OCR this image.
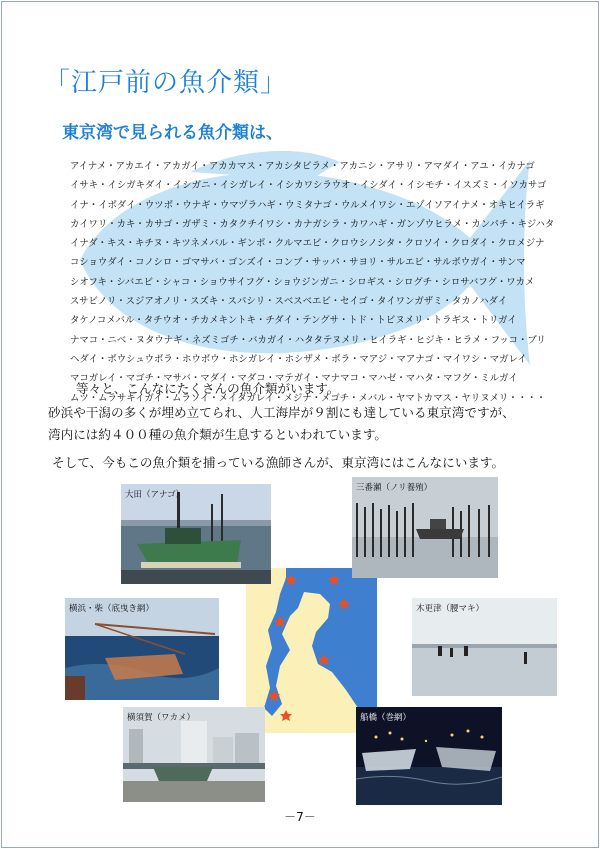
「江戸前の魚介類」
東京湾で見られる魚介類は、
アイナメ・アカエイ・アカガイ・アカカマス・アカシタビラメ・アカニシ・アサリ・アマダイ・アユ・イカナゴ
イサキ・イシガキダイ・イシガニ・イシガレイ・イシカワシラウオ・イシダイ・イシモチ・イスズミ・イソカサゴ
イナ・イボダイ・ウツボ・ウナギ・ウマヅラハギ・ウミタナゴ・ウルメイワシ・エゾイソアイナメ・オキヒイラギ
カイワリ・カキ・カサゴ・ガザミ・カタクチイワシ・カナガシラ・カワハギ・ガンゾウヒラメ・カンパチ・キジハタ
イナダ・キス・キチヌ・キツネメバル・ギンポ・クルマエビ・クロウシノシタ・クロソイ・クロダイ・クロメジナ
コショウダイ・コノシロ・ゴマサバ・ゴンズイ・コンブ・サッパ・サヨリ・サルエビ・サルボウガイ・サンマ
シオフキ・シバエビ・シャコ・ショウサイフグ・ショウジンガニ・シロギス・シログチ・シロサバフグ・ワカメ
スサビノリ・スジアオノリ・スズキ・スパシリ・スベスベエビ・セイゴ・タイワンガザミ・タカノハダイ
タケノコメバル・タチウオ・チカメキントキ・チダイ・テングサ・トド・トビヌメリ・トラギス・トリガイ
ナマコ・ニベ・ヌタウナギ・ネズミゴチ・バカガイ・ハタタテヌメリ・ヒイラギ・ヒジキ・ヒラメ・フッコ・ブリ
ヘダイ・ボウシュウボラ・ホウボウ・ホシガレイ・ホシザメ・ボラ・マアジ・マアナゴ・マイワシ・マガレイ
マコガレイ・マゴチ・マサバ・マダイ・マダコ・マテガイ・マナマコ・マハゼ・マハタ・マフグ・ミルガイ
ムツ・ムラサキイガイ・ムラソイ・メイタガレイ・メジナ・メゴチ・メバル・ヤマトカマス・ヤリヌメリ・・・・
等々と、こんなにたくさんの魚介類がいます。
砂浜や干潟の多くが埋め立てられ、人工海岸が９割にも達している東京湾ですが、
湾内には約４００種の魚介類が生息するといわれています。
そして、今もこの魚介類を捕っている漁師さんが、東京湾にはこんなにいます。
大田（アナゴ）
三番瀬（ノリ養殖）
横浜・柴（底曳き網）	木更津（腰マキ）
横須賀（ワカメ）	船橋（巻網）
－7－
